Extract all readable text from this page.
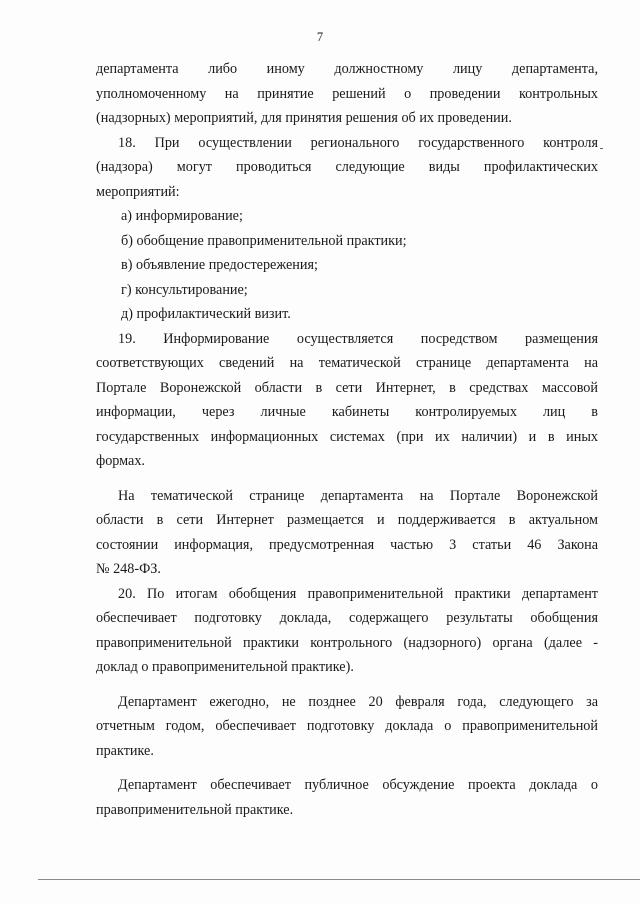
7
департамента либо иному должностному лицу департамента,
уполномоченному на принятие решений о проведении контрольных
(надзорных) мероприятий, для принятия решения об их проведении.
18. При осуществлении регионального государственного контроля
(надзора) могут проводиться следующие виды профилактических
мероприятий:
а) информирование;
б) обобщение правоприменительной практики;
в) объявление предостережения;
г) консультирование;
д) профилактический визит.
19. Информирование осуществляется посредством размещения
соответствующих сведений на тематической странице департамента на
Портале Воронежской области в сети Интернет, в средствах массовой
информации, через личные кабинеты контролируемых лиц в
государственных информационных системах (при их наличии) и в иных
формах.
На тематической странице департамента на Портале Воронежской
области в сети Интернет размещается и поддерживается в актуальном
состоянии информация, предусмотренная частью 3 статьи 46 Закона
№ 248-ФЗ.
20. По итогам обобщения правоприменительной практики департамент
обеспечивает подготовку доклада, содержащего результаты обобщения
правоприменительной практики контрольного (надзорного) органа (далее -
доклад о правоприменительной практике).
Департамент ежегодно, не позднее 20 февраля года, следующего за
отчетным годом, обеспечивает подготовку доклада о правоприменительной
практике.
Департамент обеспечивает публичное обсуждение проекта доклада о
правоприменительной практике.
